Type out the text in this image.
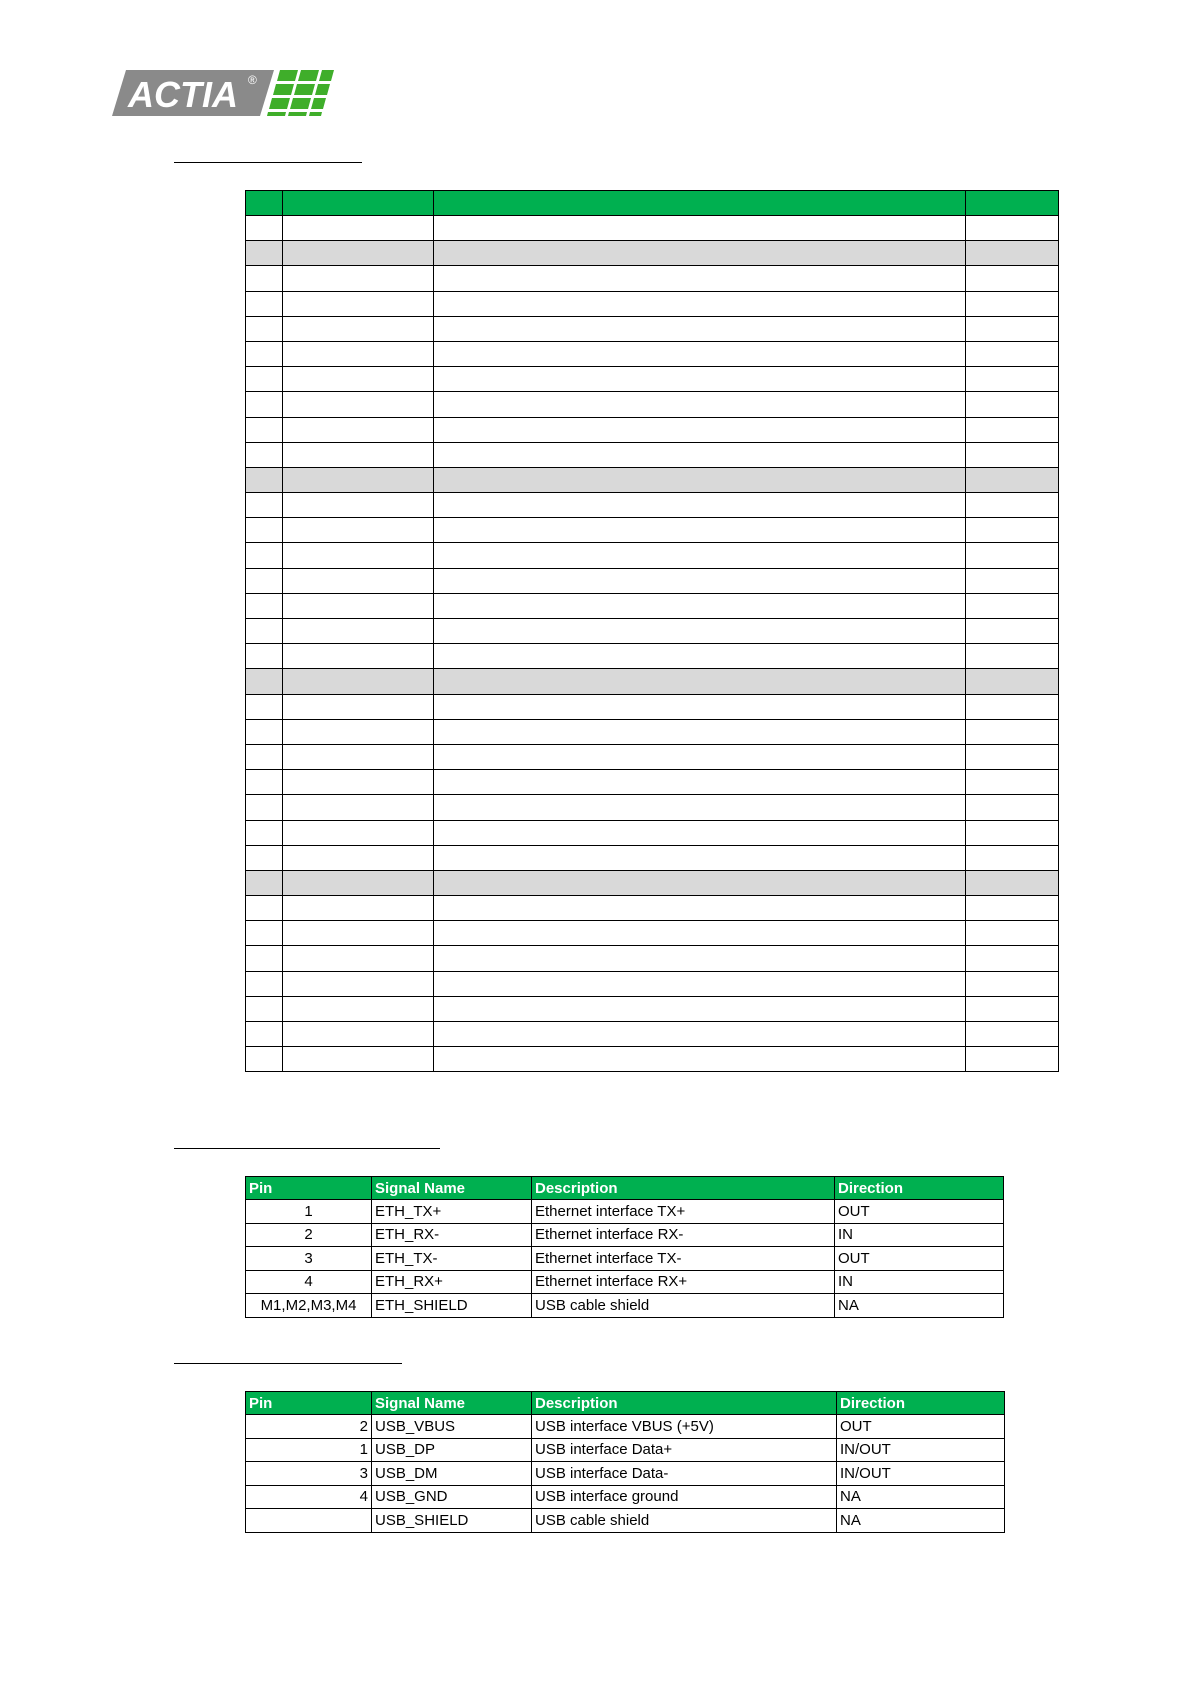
ACTIA ®

Pin	Signal Name	Description	Direction
1	ETH_TX+	Ethernet interface TX+	OUT
2	ETH_RX-	Ethernet interface RX-	IN
3	ETH_TX-	Ethernet interface TX-	OUT
4	ETH_RX+	Ethernet interface RX+	IN
M1,M2,M3,M4	ETH_SHIELD	USB cable shield	NA
Pin	Signal Name	Description	Direction
2	USB_VBUS	USB interface VBUS (+5V)	OUT
1	USB_DP	USB interface Data+	IN/OUT
3	USB_DM	USB interface Data-	IN/OUT
4	USB_GND	USB interface ground	NA
	USB_SHIELD	USB cable shield	NA
